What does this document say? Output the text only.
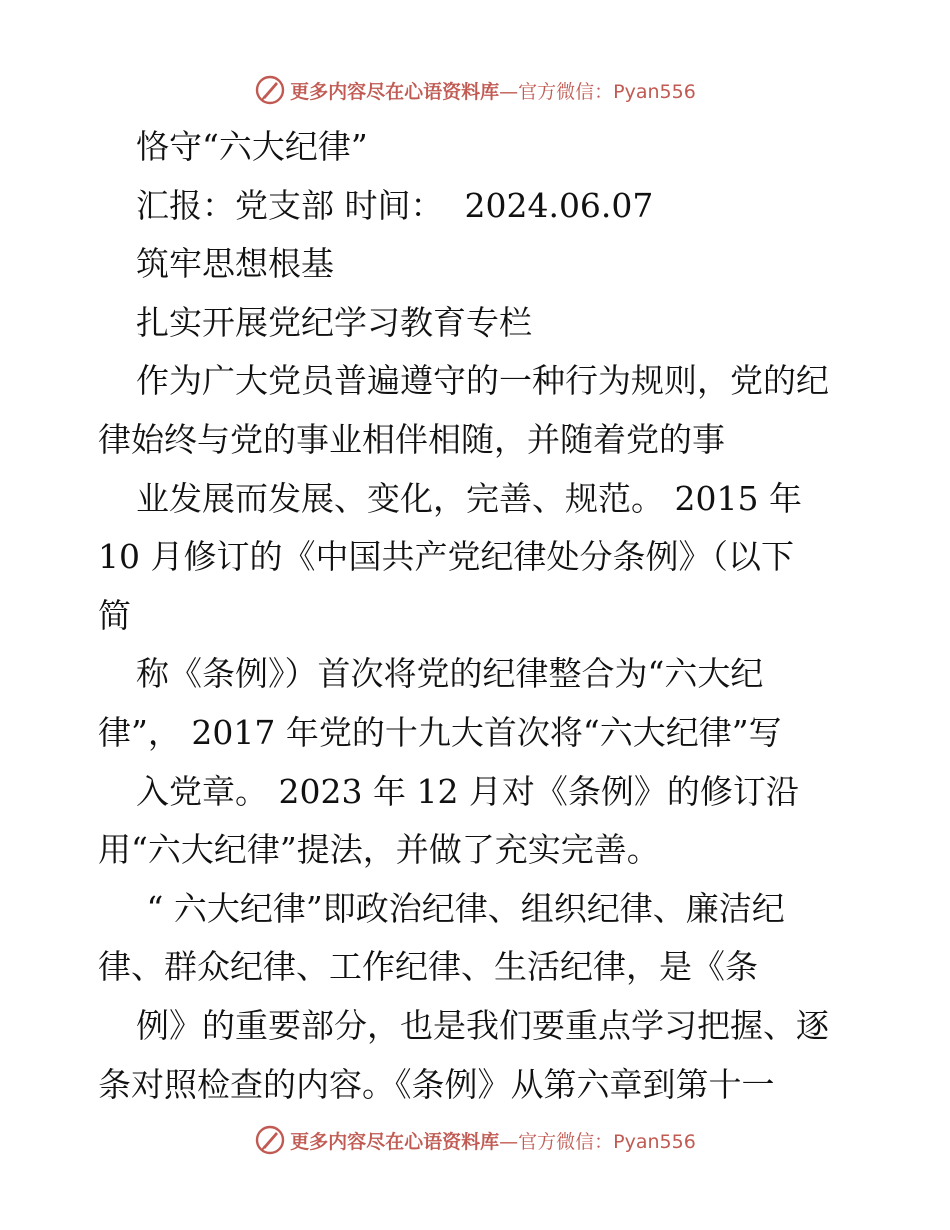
更多内容尽在心语资料库 —官方微信：Pyan556
恪守“六大纪律”
汇报：党支部 时间：  2024.06.07
筑牢思想根基
扎实开展党纪学习教育专栏
作为广大党员普遍遵守的一种行为规则，党的纪
律始终与党的事业相伴相随，并随着党的事
业发展而发展、变化，完善、规范。 2015 年
10 月修订的《中国共产党纪律处分条例》（以下
简
称《条例》）首次将党的纪律整合为“六大纪
律”， 2017 年党的十九大首次将“六大纪律”写
入党章。 2023 年 12 月对《条例》的修订沿
用“六大纪律”提法，并做了充实完善。
“ 六大纪律”即政治纪律、组织纪律、廉洁纪
律、群众纪律、工作纪律、生活纪律，是《条
例》的重要部分，也是我们要重点学习把握、逐
条对照检查的内容。《条例》从第六章到第十一
更多内容尽在心语资料库 —官方微信：Pyan556
